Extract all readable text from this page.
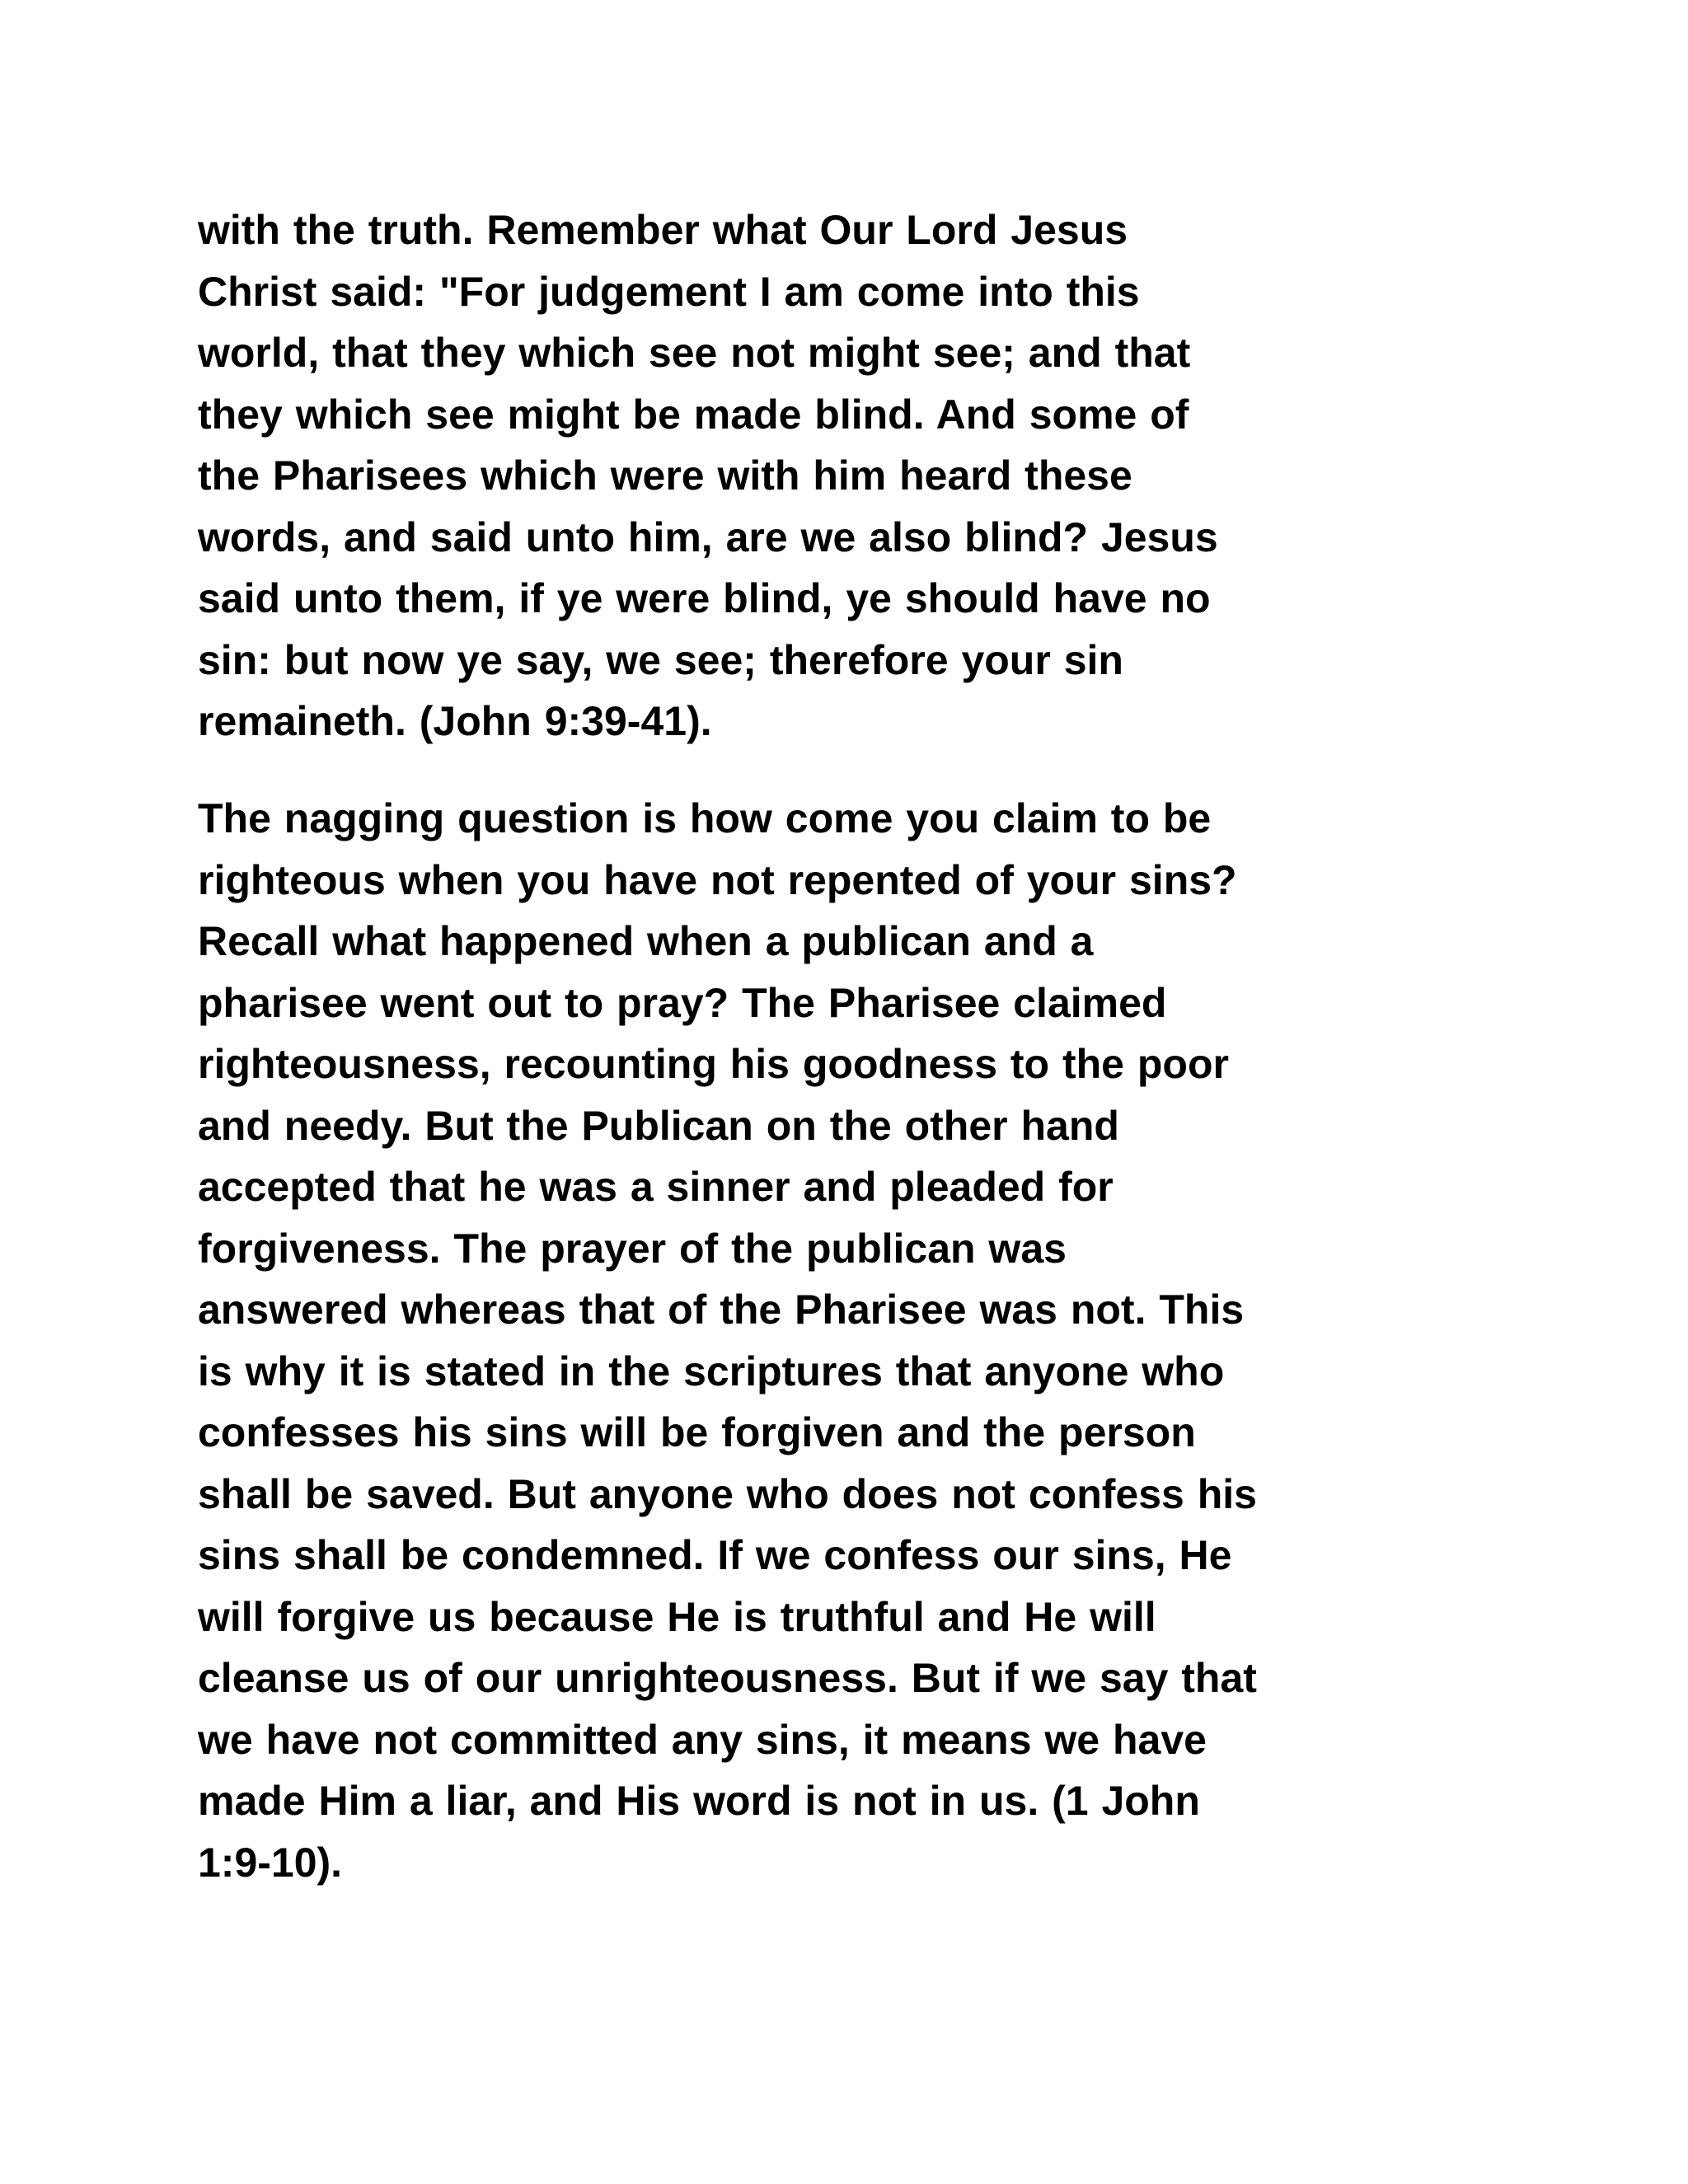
with the truth. Remember what Our Lord Jesus
Christ said: "For judgement I am come into this
world, that they which see not might see; and that
they which see might be made blind. And some of
the Pharisees which were with him heard these
words, and said unto him, are we also blind? Jesus
said unto them, if ye were blind, ye should have no
sin: but now ye say, we see; therefore your sin
remaineth. (John 9:39-41).
The nagging question is how come you claim to be
righteous when you have not repented of your sins?
Recall what happened when a publican and a
pharisee went out to pray? The Pharisee claimed
righteousness, recounting his goodness to the poor
and needy. But the Publican on the other hand
accepted that he was a sinner and pleaded for
forgiveness. The prayer of the publican was
answered whereas that of the Pharisee was not. This
is why it is stated in the scriptures that anyone who
confesses his sins will be forgiven and the person
shall be saved. But anyone who does not confess his
sins shall be condemned. If we confess our sins, He
will forgive us because He is truthful and He will
cleanse us of our unrighteousness. But if we say that
we have not committed any sins, it means we have
made Him a liar, and His word is not in us. (1 John
1:9-10).
